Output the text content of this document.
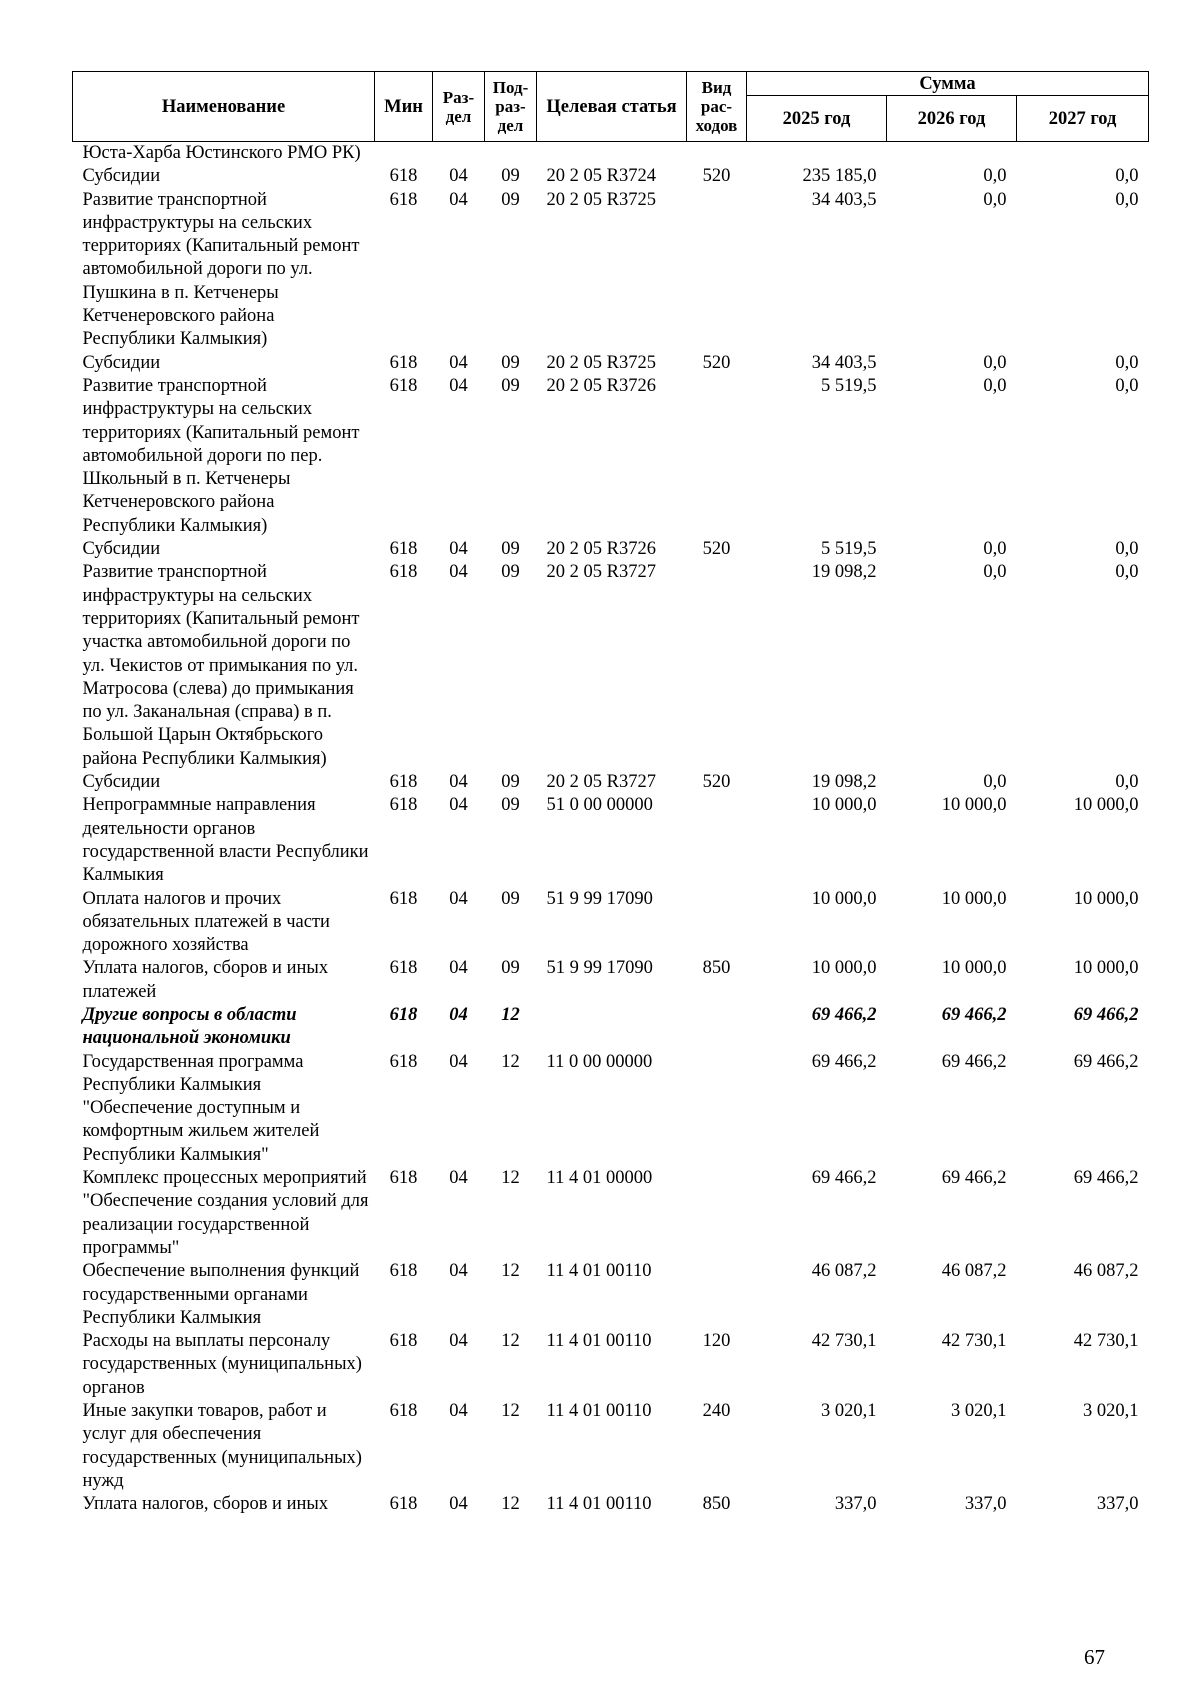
Наименование	Мин	Раз-дел	Под-раз-дел	Целевая статья	Вид рас-ходов	Сумма		
						2025 год	2026 год	2027 год
Юста-Харба Юстинского РМО РК)								
Субсидии	618	04	09	20 2 05 R3724	520	235 185,0	0,0	0,0
Развитие транспортной инфраструктуры на сельских территориях (Капитальный ремонт автомобильной дороги по ул. Пушкина в п. Кетченеры Кетченеровского района Республики Калмыкия)	618	04	09	20 2 05 R3725		34 403,5	0,0	0,0
Субсидии	618	04	09	20 2 05 R3725	520	34 403,5	0,0	0,0
Развитие транспортной инфраструктуры на сельских территориях (Капитальный ремонт автомобильной дороги по пер. Школьный в п. Кетченеры Кетченеровского района Республики Калмыкия)	618	04	09	20 2 05 R3726		5 519,5	0,0	0,0
Субсидии	618	04	09	20 2 05 R3726	520	5 519,5	0,0	0,0
Развитие транспортной инфраструктуры на сельских территориях (Капитальный ремонт участка автомобильной дороги по ул. Чекистов от примыкания по ул. Матросова (слева) до примыкания по ул. Заканальная (справа) в п. Большой Царын Октябрьского района Республики Калмыкия)	618	04	09	20 2 05 R3727		19 098,2	0,0	0,0
Субсидии	618	04	09	20 2 05 R3727	520	19 098,2	0,0	0,0
Непрограммные направления деятельности органов государственной власти Республики Калмыкия	618	04	09	51 0 00 00000		10 000,0	10 000,0	10 000,0
Оплата налогов и прочих обязательных платежей в части дорожного хозяйства	618	04	09	51 9 99 17090		10 000,0	10 000,0	10 000,0
Уплата налогов, сборов и иных платежей	618	04	09	51 9 99 17090	850	10 000,0	10 000,0	10 000,0
Другие вопросы в области национальной экономики	618	04	12			69 466,2	69 466,2	69 466,2
Государственная программа Республики Калмыкия "Обеспечение доступным и комфортным жильем жителей Республики Калмыкия"	618	04	12	11 0 00 00000		69 466,2	69 466,2	69 466,2
Комплекс процессных мероприятий "Обеспечение создания условий для реализации государственной программы"	618	04	12	11 4 01 00000		69 466,2	69 466,2	69 466,2
Обеспечение выполнения функций государственными органами Республики Калмыкия	618	04	12	11 4 01 00110		46 087,2	46 087,2	46 087,2
Расходы на выплаты персоналу государственных (муниципальных) органов	618	04	12	11 4 01 00110	120	42 730,1	42 730,1	42 730,1
Иные закупки товаров, работ и услуг для обеспечения государственных (муниципальных) нужд	618	04	12	11 4 01 00110	240	3 020,1	3 020,1	3 020,1
Уплата налогов, сборов и иных	618	04	12	11 4 01 00110	850	337,0	337,0	337,0
67
